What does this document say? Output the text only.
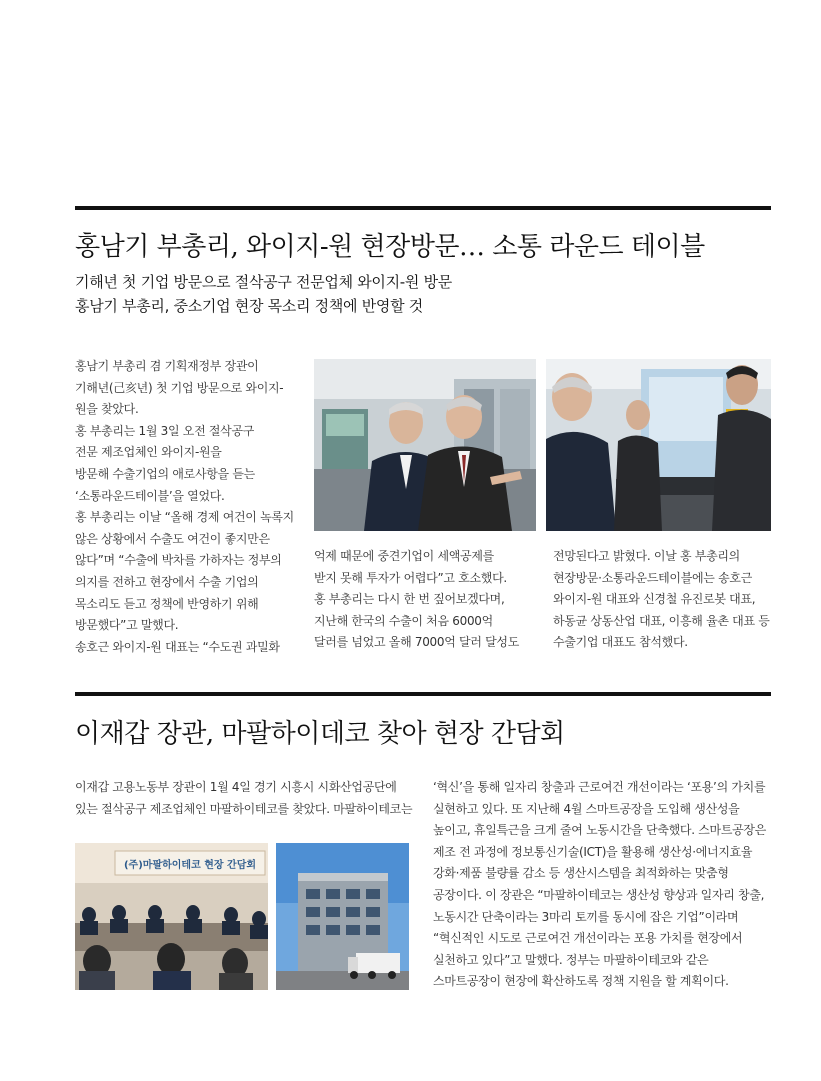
홍남기 부총리, 와이지-원 현장방문… 소통 라운드 테이블
기해년 첫 기업 방문으로 절삭공구 전문업체 와이지-원 방문
홍남기 부총리, 중소기업 현장 목소리 정책에 반영할 것

홍남기 부총리 겸 기획재정부 장관이

기해년(己亥년) 첫 기업 방문으로 와이지-

원을 찾았다.

홍 부총리는 1월 3일 오전 절삭공구

전문 제조업체인 와이지-원을

방문해 수출기업의 애로사항을 듣는

‘소통라운드테이블’을 열었다.

홍 부총리는 이날 “올해 경제 여건이 녹록지

않은 상황에서 수출도 여건이 좋지만은

않다”며 “수출에 박차를 가하자는 정부의

의지를 전하고 현장에서 수출 기업의

목소리도 듣고 정책에 반영하기 위해

방문했다”고 말했다.

송호근 와이지-원 대표는 “수도권 과밀화

억제 때문에 중견기업이 세액공제를

받지 못해 투자가 어렵다”고 호소했다.

홍 부총리는 다시 한 번 짚어보겠다며,

지난해 한국의 수출이 처음 6000억

달러를 넘었고 올해 7000억 달러 달성도

전망된다고 밝혔다. 이날 홍 부총리의

현장방문·소통라운드테이블에는 송호근

와이지-원 대표와 신경철 유진로봇 대표,

하동균 상동산업 대표, 이흥해 율촌 대표 등

수출기업 대표도 참석했다.

이재갑 장관, 마팔하이데코 찾아 현장 간담회

이재갑 고용노동부 장관이 1월 4일 경기 시흥시 시화산업공단에

있는 절삭공구 제조업체인 마팔하이테코를 찾았다. 마팔하이테코는

(주)마팔하이테코 현장 간담회

‘혁신’을 통해 일자리 창출과 근로여건 개선이라는 ‘포용’의 가치를

실현하고 있다. 또 지난해 4월 스마트공장을 도입해 생산성을

높이고, 휴일특근을 크게 줄여 노동시간을 단축했다. 스마트공장은

제조 전 과정에 정보통신기술(ICT)을 활용해 생산성·에너지효율

강화·제품 불량률 감소 등 생산시스템을 최적화하는 맞춤형

공장이다. 이 장관은 “마팔하이테코는 생산성 향상과 일자리 창출,

노동시간 단축이라는 3마리 토끼를 동시에 잡은 기업”이라며

“혁신적인 시도로 근로여건 개선이라는 포용 가치를 현장에서

실천하고 있다”고 말했다. 정부는 마팔하이테코와 같은

스마트공장이 현장에 확산하도록 정책 지원을 할 계획이다.
